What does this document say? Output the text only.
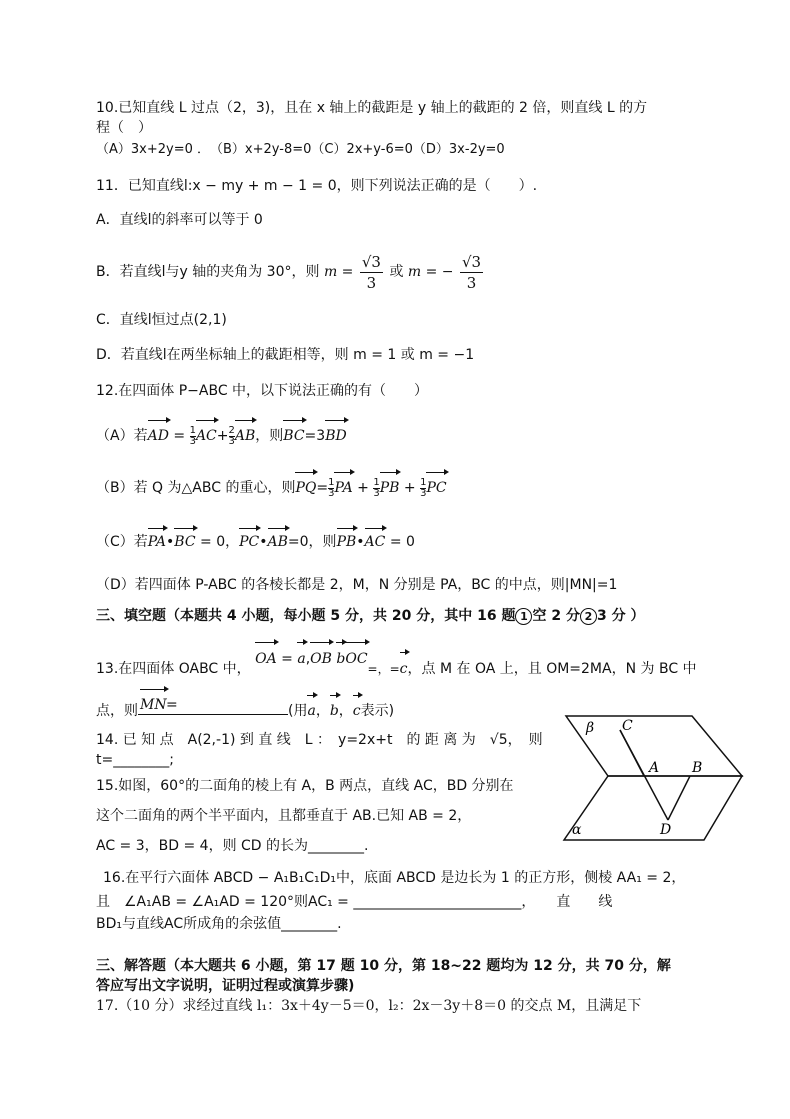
10.已知直线 L 过点（2，3)，且在 x 轴上的截距是 y 轴上的截距的 2 倍，则直线 L 的方
程（　）
（A）3x+2y=0 ．　（B）x+2y-8=0（C）2x+y-6=0（D）3x-2y=0
11．已知直线l:x − my + m − 1 = 0，则下列说法正确的是（　　）.
A．直线l的斜率可以等于 0
B．若直线l与y 轴的夹角为 30°，则 $m = \frac{√3}{3}$ 或 m = − $\frac{√3}{3}$
C．直线l恒过点(2,1)
D．若直线l在两坐标轴上的截距相等，则 m = 1 或 m = −1
12.在四面体 P−ABC 中，以下说法正确的有（　　）
（A）若AD = $\frac{1}{3} AC+ \frac{2}{3}$ AB，则BC=3BD
（B）若 Q 为△ABC 的重心，则$PQ= \frac{1}{3}$ PA + $\frac{1}{3}$ PB + $\frac{1}{3}$ PC
（C）若PA•BC = 0，PC•AB=0，则PB•AC = 0
（D）若四面体 P-ABC 的各棱长都是 2，M，N 分别是 PA，BC 的中点，则|MN|=1
三、填空题（本题共 4 小题，每小题 5 分，共 20 分，其中 16 题 1 空 2 分 2 3 分 ）
13.在四面体 OABC 中， OA = a,OB bOC=，=c，点 M 在 OA 上，且 OM=2MA，N 为 BC 中
点，则 MN =	(用a，b，c表示)
14. 已 知 点　A(2,-1) 到 直 线　L ：　y=2x+t　的 距 离 为　√5，　则
t=________;
15.如图，60°的二面角的棱上有 A，B 两点，直线 AC，BD 分别在
这个二面角的两个半平面内，且都垂直于 AB.已知 AB = 2，
AC = 3，BD = 4，则 CD 的长为________.
β C
A B
D
α
16.在平行六面体 ABCD − A₁B₁C₁D₁中，底面 ABCD 是边长为 1 的正方形，侧棱 AA₁ = 2，
且　∠A₁AB = ∠A₁AD = 120°则AC₁ = ________________________，　　直　　线
BD₁与直线AC所成角的余弦值________.
三、解答题（本大题共 6 小题，第 17 题 10 分，第 18~22 题均为 12 分，共 70 分，解
答应写出文字说明，证明过程或演算步骤)
17.（10 分）求经过直线 l₁：3x＋4y－5＝0，l₂：2x－3y＋8＝0 的交点 M，且满足下
